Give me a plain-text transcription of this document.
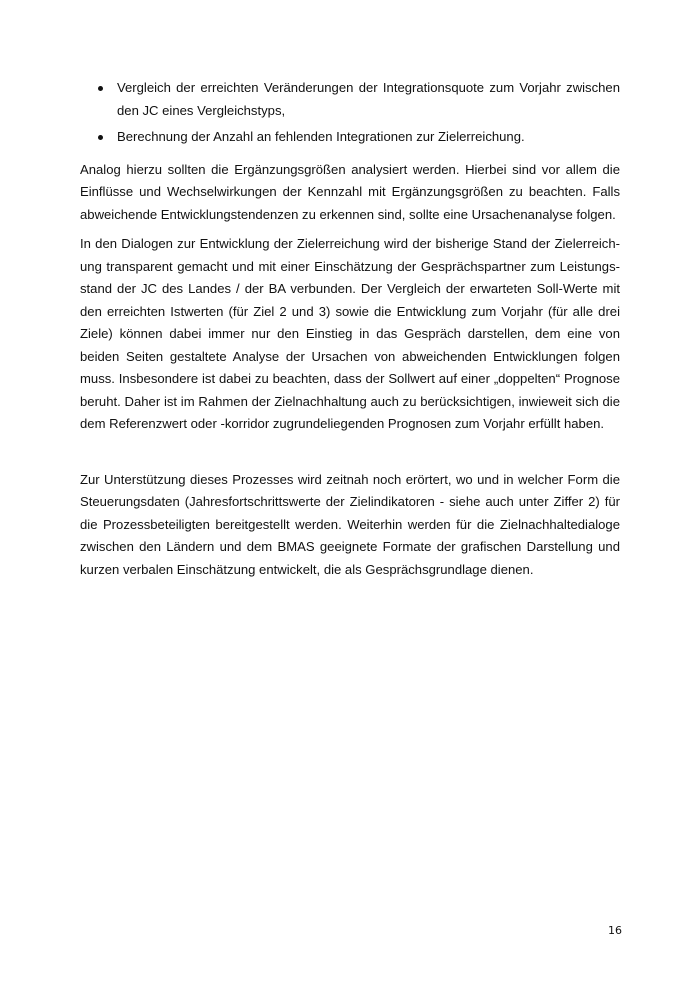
Vergleich der erreichten Veränderungen der Integrationsquote zum Vorjahr zwischen den JC eines Vergleichstyps,
Berechnung der Anzahl an fehlenden Integrationen zur Zielerreichung.

Analog hierzu sollten die Ergänzungsgrößen analysiert werden. Hierbei sind vor allem die Einflüsse und Wechselwirkungen der Kennzahl mit Ergänzungsgrößen zu beachten. Falls abweichende Entwicklungstendenzen zu erkennen sind, sollte eine Ursachenanalyse folgen.

In den Dialogen zur Entwicklung der Zielerreichung wird der bisherige Stand der Zielerreichung transparent gemacht und mit einer Einschätzung der Gesprächspartner zum Leistungsstand der JC des Landes / der BA verbunden. Der Vergleich der erwarteten Soll-Werte mit den erreichten Istwerten (für Ziel 2 und 3) sowie die Entwicklung zum Vorjahr (für alle drei Ziele) können dabei immer nur den Einstieg in das Gespräch darstellen, dem eine von beiden Seiten gestaltete Analyse der Ursachen von abweichenden Entwicklungen folgen muss. Insbesondere ist dabei zu beachten, dass der Sollwert auf einer „doppelten“ Prognose beruht. Daher ist im Rahmen der Zielnachhaltung auch zu berücksichtigen, inwieweit sich die dem Referenzwert oder -korridor zugrundeliegenden Prognosen zum Vorjahr erfüllt haben.

Zur Unterstützung dieses Prozesses wird zeitnah noch erörtert, wo und in welcher Form die Steuerungsdaten (Jahresfortschrittswerte der Zielindikatoren - siehe auch unter Ziffer 2) für die Prozessbeteiligten bereitgestellt werden. Weiterhin werden für die Zielnachhaltedialoge zwischen den Ländern und dem BMAS geeignete Formate der grafischen Darstellung und kurzen verbalen Einschätzung entwickelt, die als Gesprächsgrundlage dienen.

16
